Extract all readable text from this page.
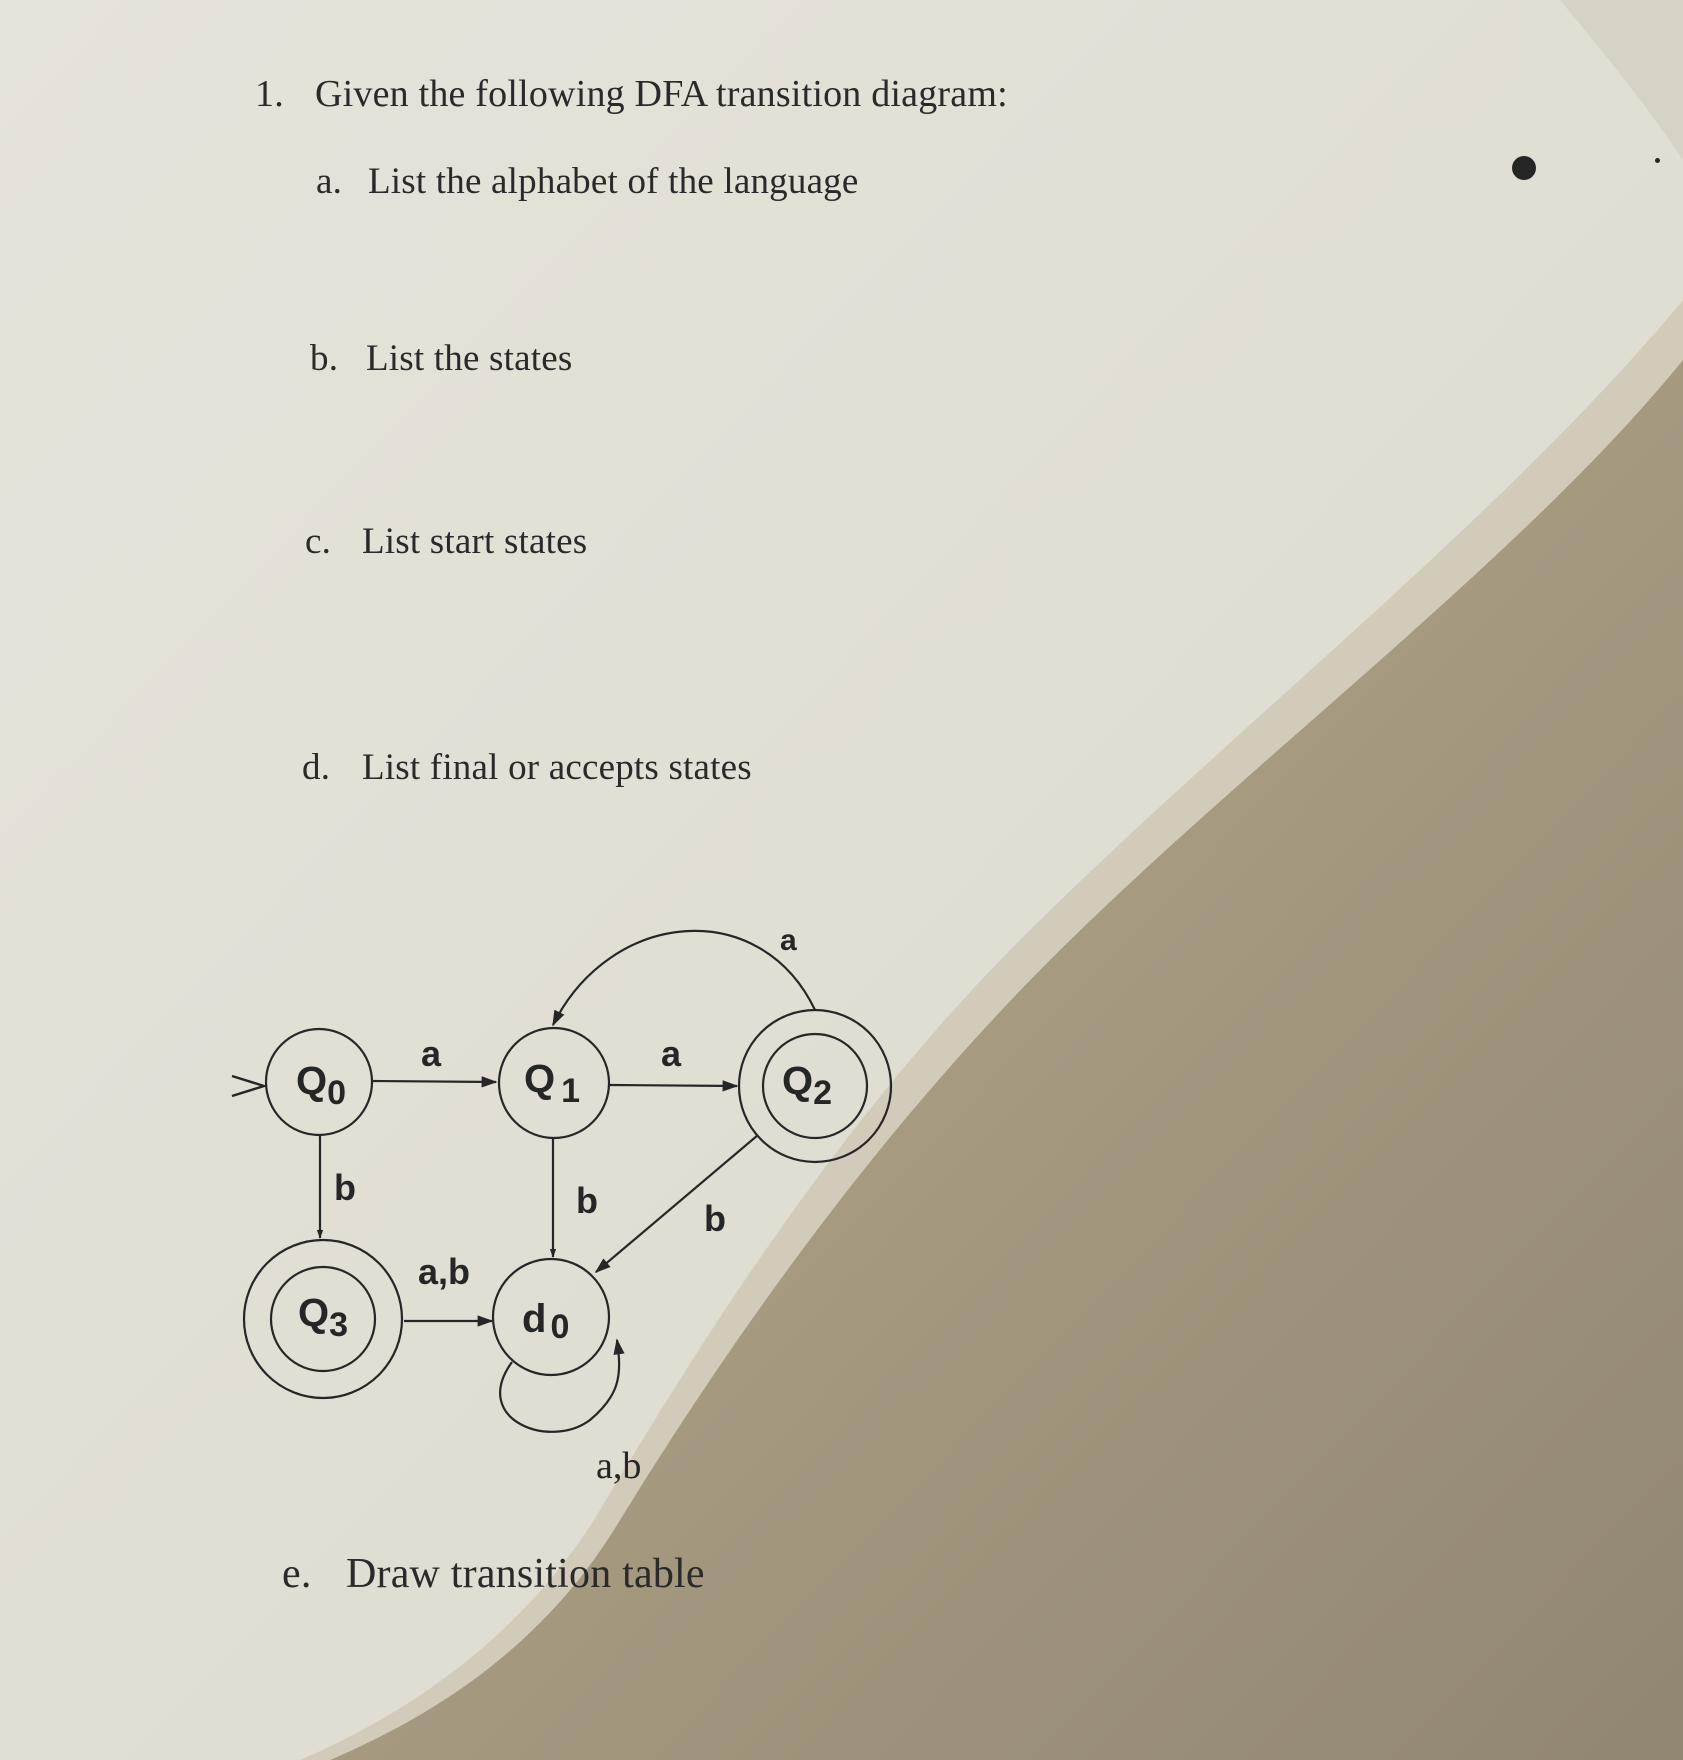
1. Given the following DFA transition diagram:
a. List the alphabet of the language
b. List the states
c. List start states
d. List final or accepts states
$Q_0$	Q $_1$	$Q_2$
$Q_3$	d 0
a	a
a
b	b	b
a,b
a,b
e. Draw transition table
